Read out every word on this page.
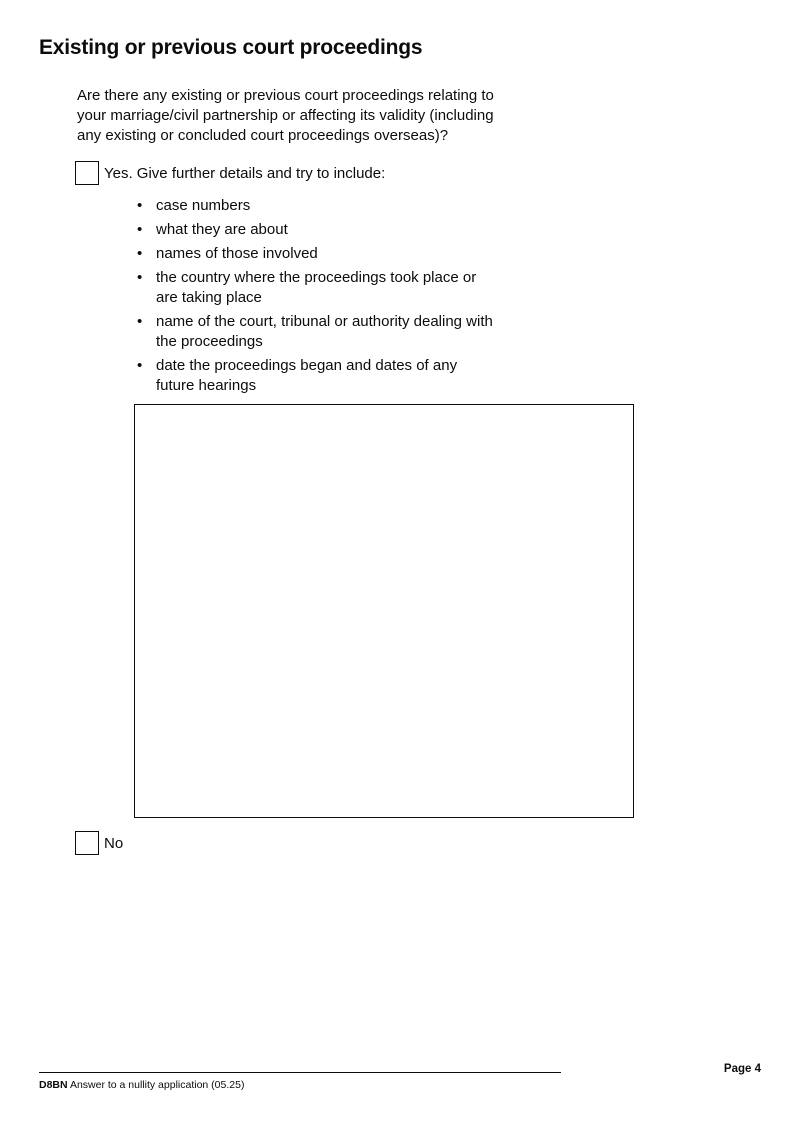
Existing or previous court proceedings

Are there any existing or previous court proceedings relating to
your marriage/civil partnership or affecting its validity (including
any existing or concluded court proceedings overseas)?

Yes. Give further details and try to include:
• case numbers
• what they are about
• names of those involved
• the country where the proceedings took place or
are taking place
• name of the court, tribunal or authority dealing with
the proceedings
• date the proceedings began and dates of any
future hearings
No
D8BN Answer to a nullity application (05.25)
Page 4
